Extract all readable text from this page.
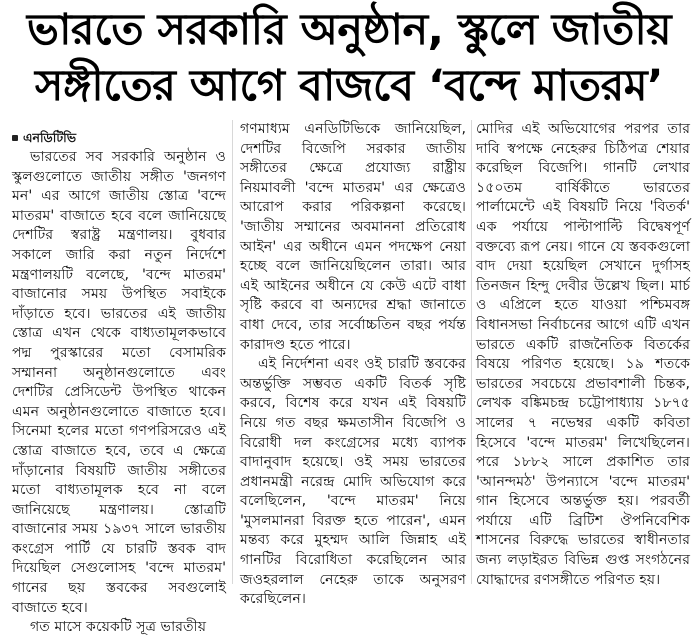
ভারতে সরকারি অনুষ্ঠান, স্কুলে জাতীয়
সঙ্গীতের আগে বাজবে ‘বন্দে মাতরম’
এনডিটিভি

ভারতের সব সরকারি অনুষ্ঠান ও স্কুলগুলোতে জাতীয় সঙ্গীত 'জনগণ মন' এর আগে জাতীয় স্তোত্র 'বন্দে মাতরম' বাজাতে হবে বলে জানিয়েছে দেশটির স্বরাষ্ট্র মন্ত্রণালয়। বুধবার সকালে জারি করা নতুন নির্দেশে মন্ত্রণালয়টি বলেছে, 'বন্দে মাতরম' বাজানোর সময় উপস্থিত সবাইকে দাঁড়াতে হবে। ভারতের এই জাতীয় স্তোত্র এখন থেকে বাধ্যতামূলকভাবে পদ্ম পুরস্কারের মতো বেসামরিক সম্মাননা অনুষ্ঠানগুলোতে এবং দেশটির প্রেসিডেন্ট উপস্থিত থাকেন এমন অনুষ্ঠানগুলোতে বাজাতে হবে। সিনেমা হলের মতো গণপরিসরেও এই স্তোত্র বাজাতে হবে, তবে এ ক্ষেত্রে দাঁড়ানোর বিষয়টি জাতীয় সঙ্গীতের মতো বাধ্যতামূলক হবে না বলে জানিয়েছে মন্ত্রণালয়। স্তোত্রটি বাজানোর সময় ১৯৩৭ সালে ভারতীয় কংগ্রেস পার্টি যে চারটি স্তবক বাদ দিয়েছিল সেগুলোসহ 'বন্দে মাতরম' গানের ছয় স্তবকের সবগুলোই বাজাতে হবে।

গত মাসে কয়েকটি সূত্র ভারতীয়

গণমাধ্যম এনডিটিভিকে জানিয়েছিল, দেশটির বিজেপি সরকার জাতীয় সঙ্গীতের ক্ষেত্রে প্রযোজ্য রাষ্ট্রীয় নিয়মাবলী 'বন্দে মাতরম' এর ক্ষেত্রেও আরোপ করার পরিকল্পনা করেছে। 'জাতীয় সম্মানের অবমাননা প্রতিরোধ আইন' এর অধীনে এমন পদক্ষেপ নেয়া হচ্ছে বলে জানিয়েছিলেন তারা। আর এই আইনের অধীনে যে কেউ এটে বাধা সৃষ্টি করবে বা অন্যদের শ্রদ্ধা জানাতে বাধা দেবে, তার সর্বোচ্চতিন বছর পর্যন্ত কারাদণ্ড হতে পারে।

এই নির্দেশনা এবং ওই চারটি স্তবকের অন্তর্ভুক্তি সম্ভবত একটি বিতর্ক সৃষ্টি করবে, বিশেষ করে যখন এই বিষয়টি নিয়ে গত বছর ক্ষমতাসীন বিজেপি ও বিরোধী দল কংগ্রেসের মধ্যে ব্যাপক বাদানুবাদ হয়েছে। ওই সময় ভারতের প্রধানমন্ত্রী নরেন্দ্র মোদি অভিযোগ করে বলেছিলেন, 'বন্দে মাতরম' নিয়ে 'মুসলমানরা বিরক্ত হতে পারেন', এমন মন্তব্য করে মুহম্মদ আলি জিন্নাহ এই গানটির বিরোধিতা করেছিলেন আর জওহরলাল নেহেরু তাকে অনুসরণ করেছিলেন।

মোদির এই অভিযোগের পরপর তার দাবি স্বপক্ষে নেহেরুর চিঠিপত্র শেয়ার করেছিল বিজেপি। গানটি লেখার ১৫০তম বার্ষিকীতে ভারতের পার্লামেন্টে এই বিষয়টি নিয়ে 'বিতর্ক' এক পর্যায়ে পাল্টাপাল্টি বিদ্বেষপূর্ণ বক্তব্যে রূপ নেয়। গানে যে স্তবকগুলো বাদ দেয়া হয়েছিল সেখানে দুর্গাসহ তিনজন হিন্দু দেবীর উল্লেখ ছিল। মার্চ ও এপ্রিলে হতে যাওয়া পশ্চিমবঙ্গ বিধানসভা নির্বাচনের আগে এটি এখন ভারতে একটি রাজনৈতিক বিতর্কের বিষয়ে পরিণত হয়েছে। ১৯ শতকে ভারতের সবচেয়ে প্রভাবশালী চিন্তক, লেখক বঙ্কিমচন্দ্র চট্টোপাধ্যায় ১৮৭৫ সালের ৭ নভেম্বর একটি কবিতা হিসেবে 'বন্দে মাতরম' লিখেছিলেন। পরে ১৮৮২ সালে প্রকাশিত তার 'আনন্দমঠ' উপন্যাসে 'বন্দে মাতরম' গান হিসেবে অন্তর্ভুক্ত হয়। পরবর্তী পর্যায়ে এটি ব্রিটিশ ঔপনিবেশিক শাসনের বিরুদ্ধে ভারতের স্বাধীনতার জন্য লড়াইরত বিভিন্ন গুপ্ত সংগঠনের যোদ্ধাদের রণসঙ্গীতে পরিণত হয়।
